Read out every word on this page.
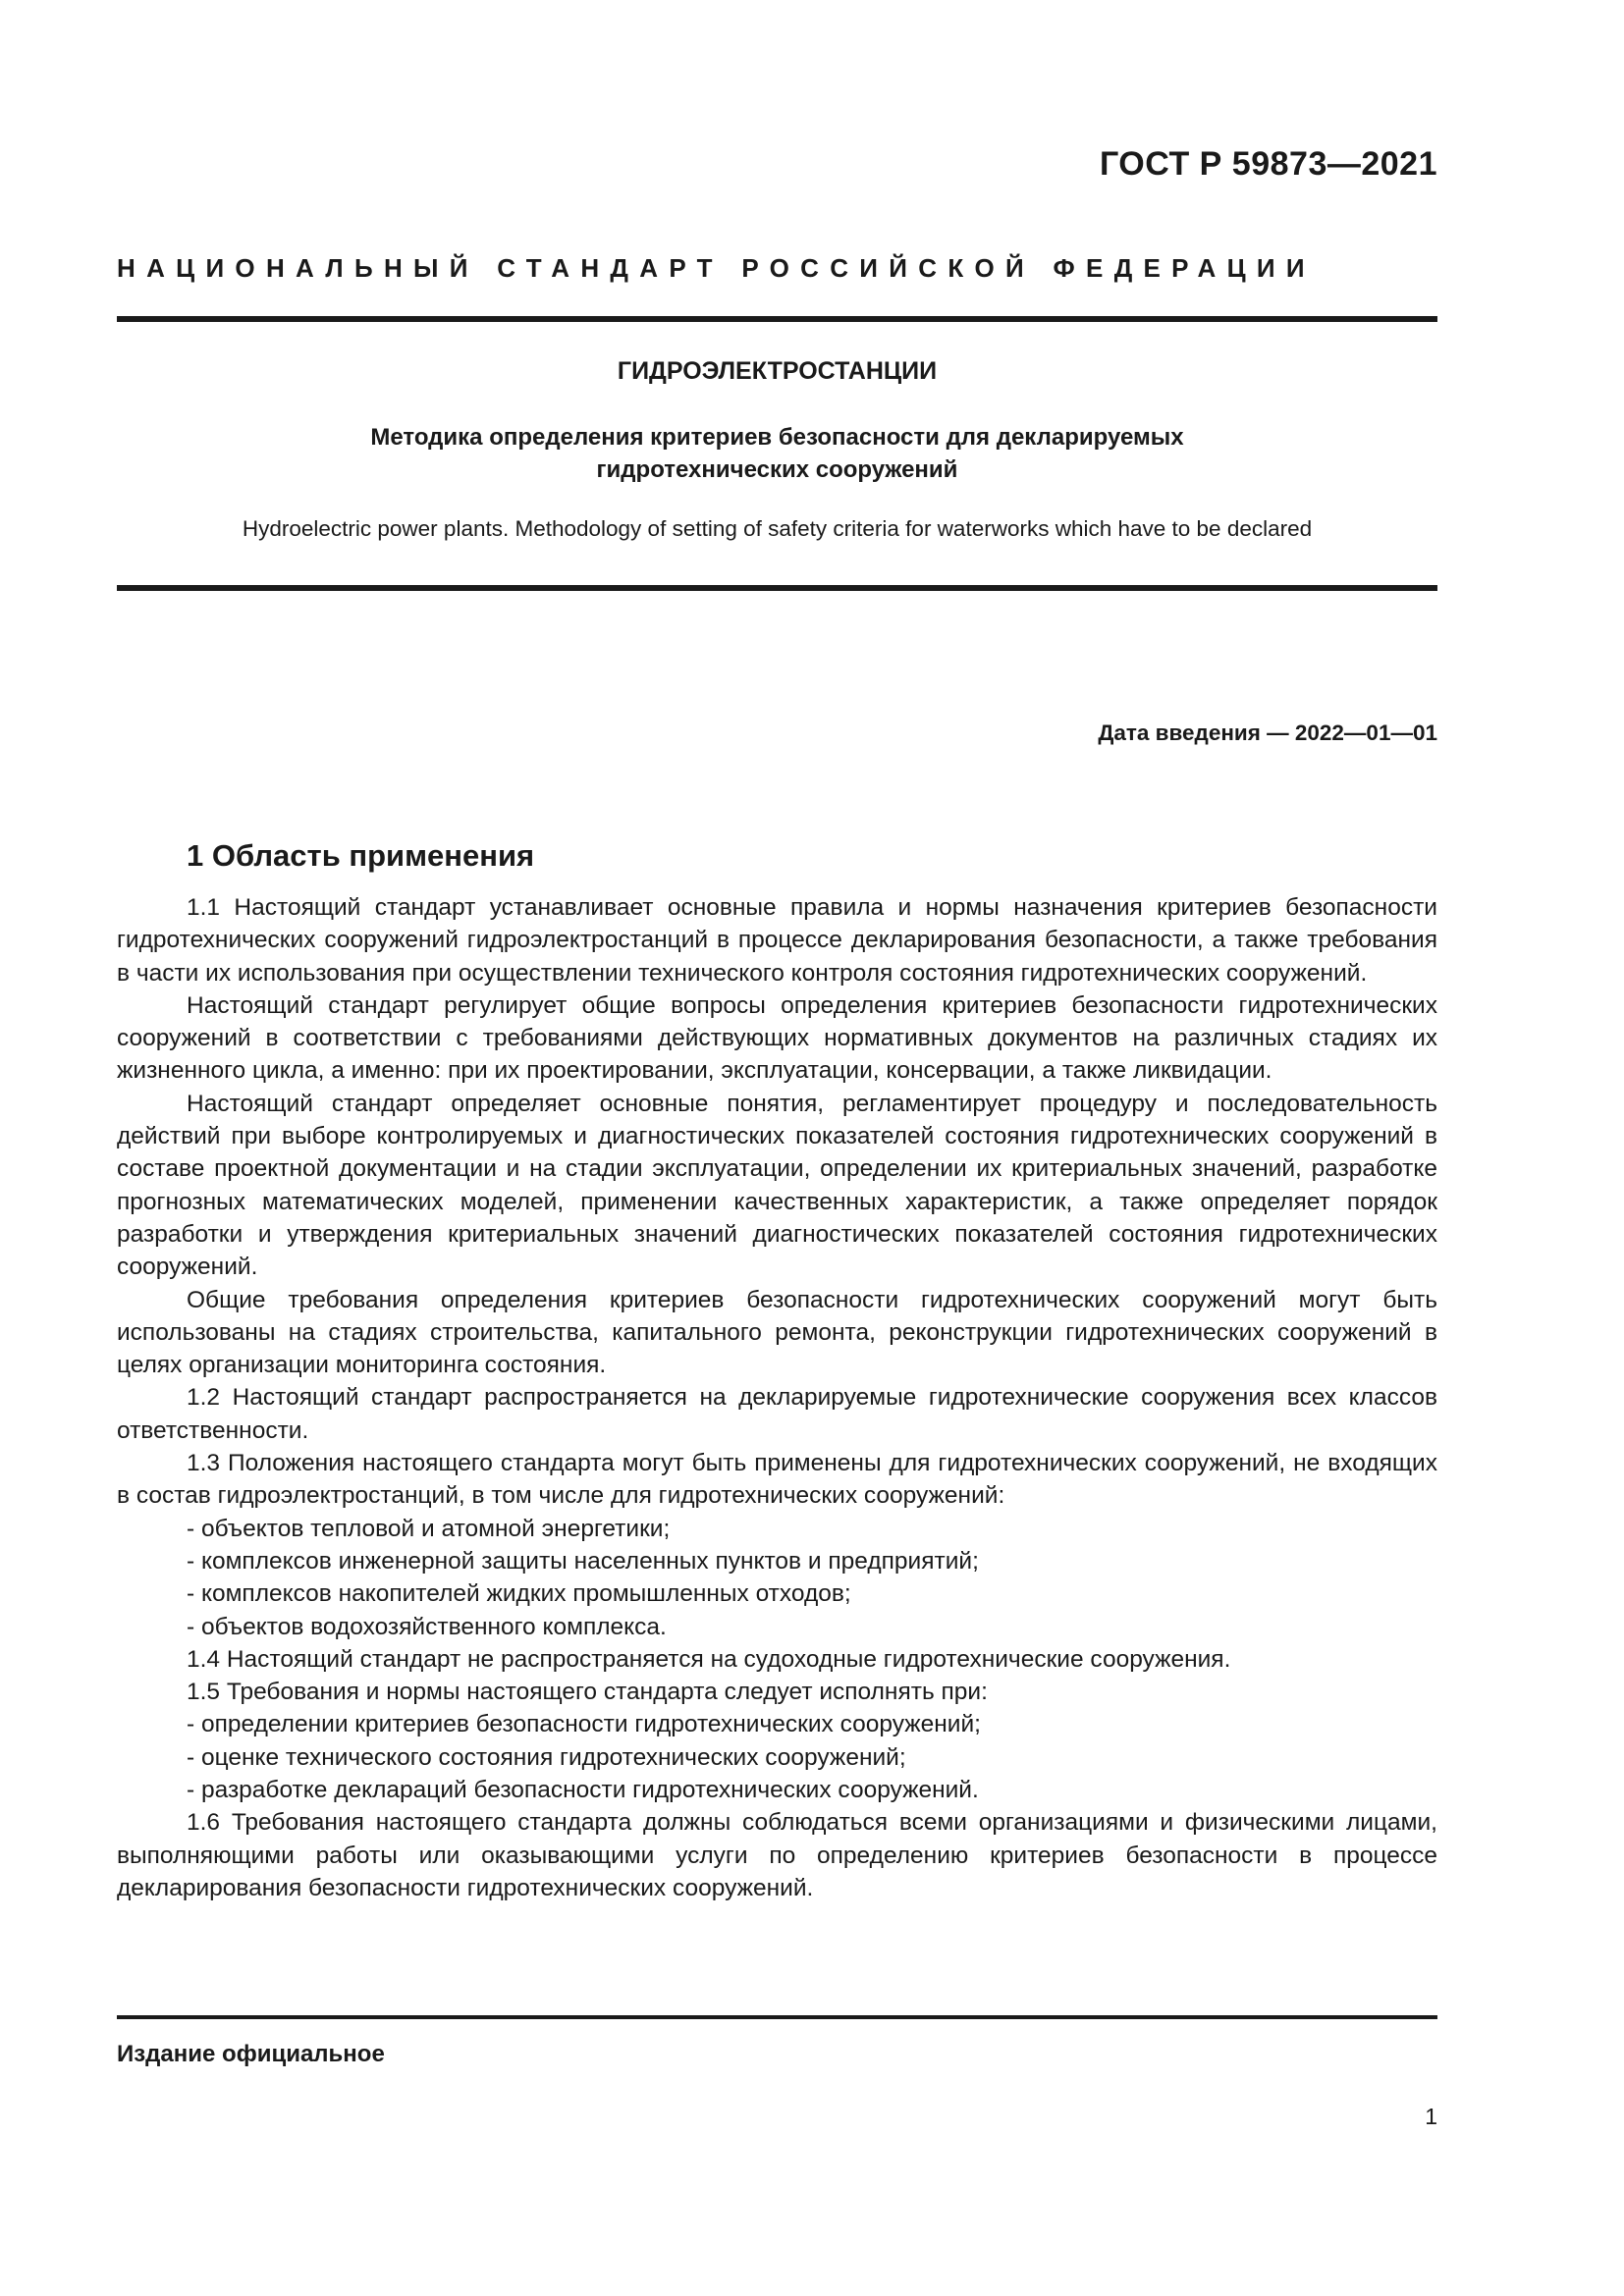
ГОСТ Р 59873—2021
НАЦИОНАЛЬНЫЙ СТАНДАРТ РОССИЙСКОЙ ФЕДЕРАЦИИ
ГИДРОЭЛЕКТРОСТАНЦИИ
Методика определения критериев безопасности для декларируемых
гидротехнических сооружений
Hydroelectric power plants. Methodology of setting of safety criteria for waterworks which have to be declared
Дата введения — 2022—01—01
1 Область применения

1.1 Настоящий стандарт устанавливает основные правила и нормы назначения критериев безопасности гидротехнических сооружений гидроэлектростанций в процессе декларирования безопасности, а также требования в части их использования при осуществлении технического контроля состояния гидротехнических сооружений.

Настоящий стандарт регулирует общие вопросы определения критериев безопасности гидротехнических сооружений в соответствии с требованиями действующих нормативных документов на различных стадиях их жизненного цикла, а именно: при их проектировании, эксплуатации, консервации, а также ликвидации.

Настоящий стандарт определяет основные понятия, регламентирует процедуру и последовательность действий при выборе контролируемых и диагностических показателей состояния гидротехнических сооружений в составе проектной документации и на стадии эксплуатации, определении их критериальных значений, разработке прогнозных математических моделей, применении качественных характеристик, а также определяет порядок разработки и утверждения критериальных значений диагностических показателей состояния гидротехнических сооружений.

Общие требования определения критериев безопасности гидротехнических сооружений могут быть использованы на стадиях строительства, капитального ремонта, реконструкции гидротехнических сооружений в целях организации мониторинга состояния.

1.2 Настоящий стандарт распространяется на декларируемые гидротехнические сооружения всех классов ответственности.

1.3 Положения настоящего стандарта могут быть применены для гидротехнических сооружений, не входящих в состав гидроэлектростанций, в том числе для гидротехнических сооружений:

- объектов тепловой и атомной энергетики;

- комплексов инженерной защиты населенных пунктов и предприятий;

- комплексов накопителей жидких промышленных отходов;

- объектов водохозяйственного комплекса.

1.4 Настоящий стандарт не распространяется на судоходные гидротехнические сооружения.

1.5 Требования и нормы настоящего стандарта следует исполнять при:

- определении критериев безопасности гидротехнических сооружений;

- оценке технического состояния гидротехнических сооружений;

- разработке деклараций безопасности гидротехнических сооружений.

1.6 Требования настоящего стандарта должны соблюдаться всеми организациями и физическими лицами, выполняющими работы или оказывающими услуги по определению критериев безопасности в процессе декларирования безопасности гидротехнических сооружений.

Издание официальное
1
